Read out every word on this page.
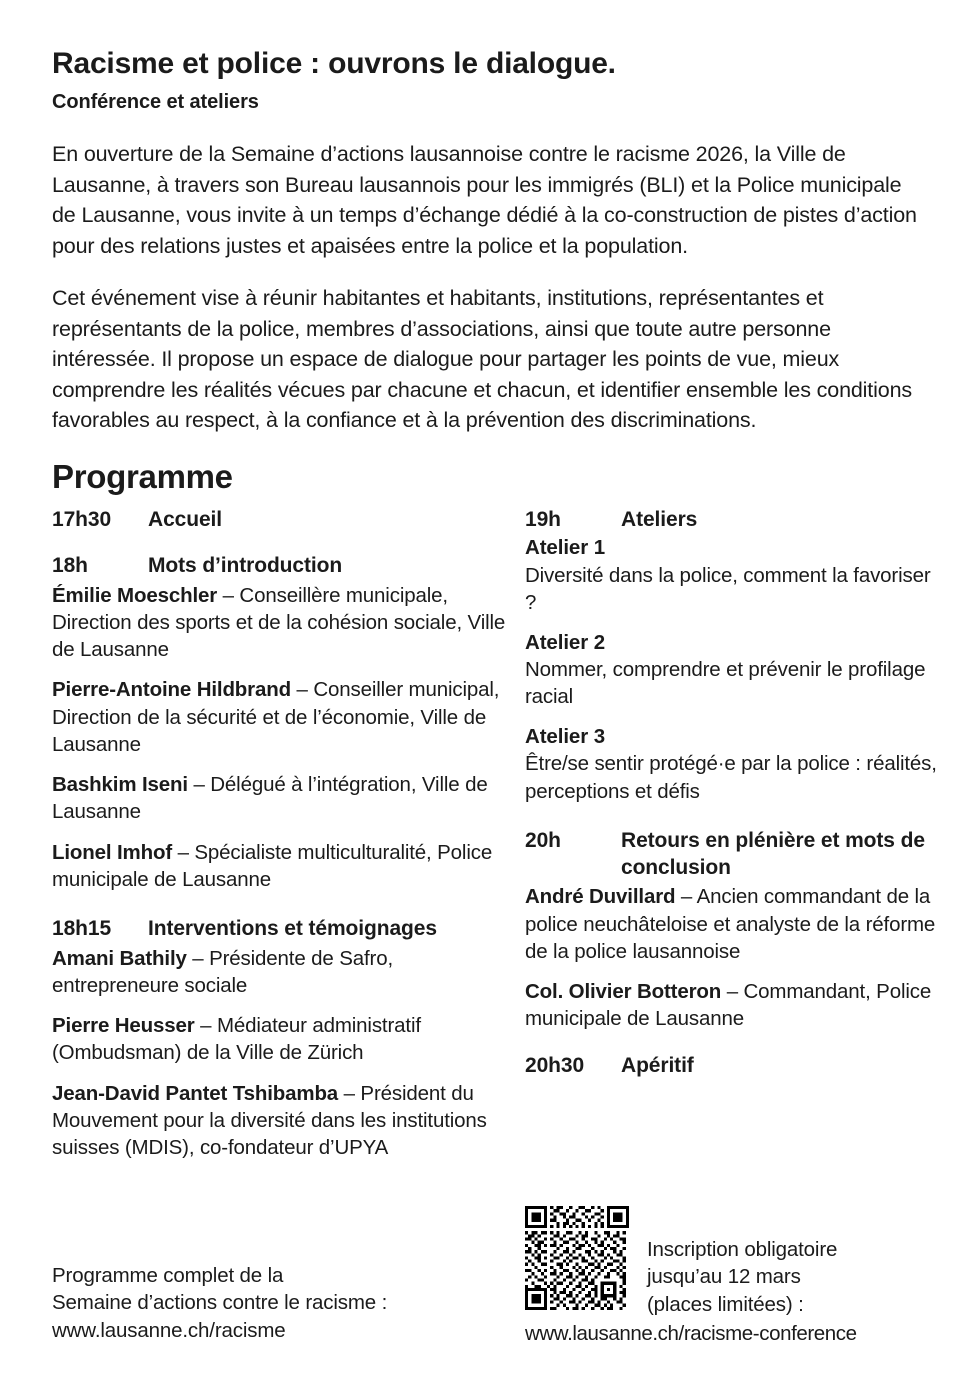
Racisme et police : ouvrons le dialogue.
Conférence et ateliers

En ouverture de la Semaine d’actions lausannoise contre le racisme 2026, la Ville de Lausanne, à travers son Bureau lausannois pour les immigrés (BLI) et la Police municipale de Lausanne, vous invite à un temps d’échange dédié à la co-construction de pistes d’action pour des relations justes et apaisées entre la police et la population.

Cet événement vise à réunir habitantes et habitants, institutions, représentantes et représentants de la police, membres d’associations, ainsi que toute autre personne intéressée. Il propose un espace de dialogue pour partager les points de vue, mieux comprendre les réalités vécues par chacune et chacun, et identifier ensemble les conditions favorables au respect, à la confiance et à la prévention des discriminations.

Programme
17h30	Accueil
18h	Mots d’introduction
Émilie Moeschler – Conseillère municipale, Direction des sports et de la cohésion sociale, Ville de Lausanne
Pierre-Antoine Hildbrand – Conseiller municipal, Direction de la sécurité et de l’économie, Ville de Lausanne
Bashkim Iseni – Délégué à l’intégration, Ville de Lausanne
Lionel Imhof – Spécialiste multiculturalité, Police municipale de Lausanne
18h15	Interventions et témoignages
Amani Bathily – Présidente de Safro, entrepreneure sociale
Pierre Heusser – Médiateur administratif (Ombudsman) de la Ville de Zürich
Jean-David Pantet Tshibamba – Président du Mouvement pour la diversité dans les institutions suisses (MDIS), co-fondateur d’UPYA
19h	Ateliers
Atelier 1
Diversité dans la police, comment la favoriser ?
Atelier 2
Nommer, comprendre et prévenir le profilage racial
Atelier 3
Être/se sentir protégé·e par la police : réalités, perceptions et défis
20h	Retours en plénière et mots de conclusion
André Duvillard – Ancien commandant de la police neuchâteloise et analyste de la réforme de la police lausannoise
Col. Olivier Botteron – Commandant, Police municipale de Lausanne
20h30	Apéritif
Programme complet de la
Semaine d’actions contre le racisme :
www.lausanne.ch/racisme
Inscription obligatoire
jusqu’au 12 mars
(places limitées) :
www.lausanne.ch/racisme-conference
